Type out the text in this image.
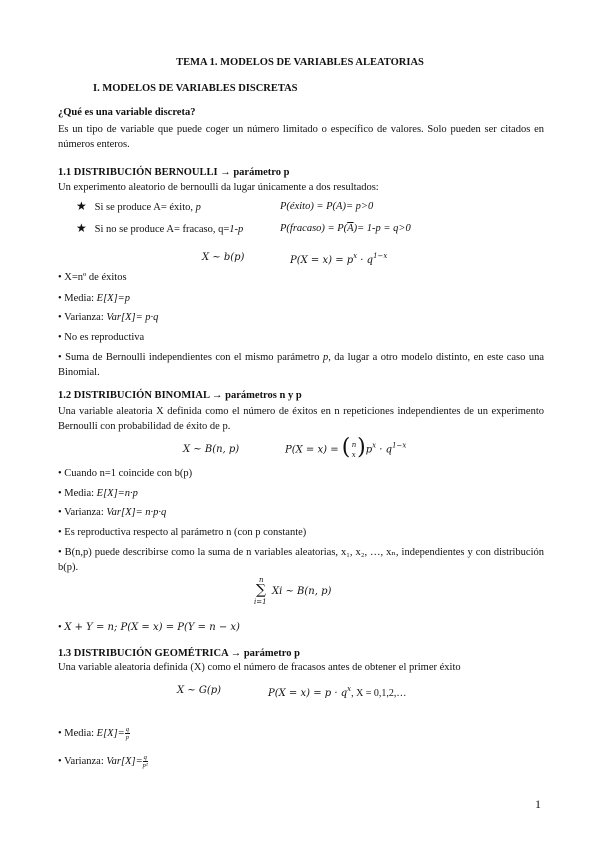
TEMA 1. MODELOS DE VARIABLES ALEATORIAS
I. MODELOS DE VARIABLES DISCRETAS
¿Qué es una variable discreta?
Es un tipo de variable que puede coger un número limitado o específico de valores. Solo pueden ser citados en números enteros.
1.1 DISTRIBUCIÓN BERNOULLI → parámetro p
Un experimento aleatorio de bernoulli da lugar únicamente a dos resultados:
★ Si se produce A= éxito, p	P(éxito) = P(A)= p>0
★ Si no se produce A= fracaso, q=1-p	P(fracaso) = $P(\overline{A})= 1-p = q>0$
X ~ b(p)	$P(X = x) = p^x \cdot q^{1-x}$
• X=nº de éxitos
• Media: E[X]=p
• Varianza: Var[X]= p·q
• No es reproductiva
• Suma de Bernoulli independientes con el mismo parámetro p, da lugar a otro modelo distinto, en este caso una Binomial.
1.2 DISTRIBUCIÓN BINOMIAL → parámetros n y p
Una variable aleatoria X definida como el número de éxitos en n repeticiones independientes de un experimento Bernoulli con probabilidad de éxito de p.
X ~ B(n, p)	P(X = x) = ( n
x ) $p^x \cdot q^{1-x}$
• Cuando n=1 coincide con b(p)
• Media: E[X]=n·p
• Varianza: Var[X]= n·p·q
• Es reproductiva respecto al parámetro n (con p constante)
• B(n,p) puede describirse como la suma de n variables aleatorias, x₁, x₂, …, xₙ, independientes y con distribución b(p).
n
∑
i=1
Xi ~ B(n, p)
• X + Y = n; P(X = x) = P(Y = n − x)
1.3 DISTRIBUCIÓN GEOMÉTRICA → parámetro p
Una variable aleatoria definida (X) como el número de fracasos antes de obtener el primer éxito
X ~ G(p)	$P(X = x) = p \cdot q^x$, X = 0,1,2,…
• Media: $E[X]= \frac{q}{p}$
• Varianza: $Var[X]= \frac{q}{\text{p²}}$
1
